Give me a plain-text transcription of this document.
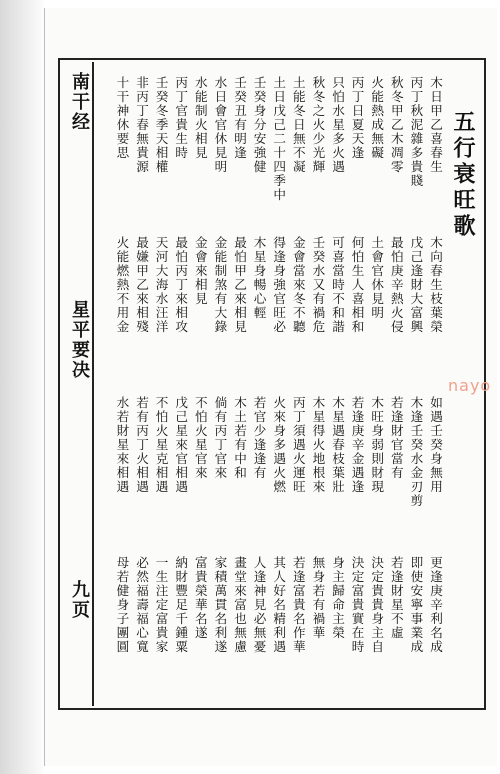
南干经
星平要决
九页
五行衰旺歌
木日甲乙喜春生
木向春生枝葉榮
如遇壬癸身無用
更逢庚辛利名成
丙丁秋泥雜多貴賤
戊己逢財大富興
木逢壬癸水金刃剪
即使安寧事業成
秋冬甲乙木凋零
最怕庚辛熱火侵
若逢財官當有
若逢財星不虛
火能熱成無礙
土會官休見明
木旺身弱則財現
決定貴貴身主自
丙丁日夏天逢
何怕生人喜相和
若逢庚辛金遇逢
決定富貴實在時
只怕水星多火遇
可喜當時不和諧
木星遇春枝葉壯
身主歸命主榮
秋冬之火少光輝
壬癸水又有禍危
木星得火地根來
無身若有禍華
土能冬日無不凝
金會當來冬不聽
丙丁須遇火運旺
若逢富貴名作華
土日戊己二十四季中
得逢身強官旺必
火來身多遇火燃
其人好名精利遇
壬癸身分安強健
木星身暢心輕
若官少逢逢有
人逢神見必無憂
壬癸丑有明逢
最怕甲乙來相見
木土若有中和
畫堂來富也無慮
水日會官休見明
金能制煞有大錄
倘有丙丁官來
家積萬貫名利遂
水能制火相見
金會來相見
不怕火星官來
富貴榮華名遂
丙丁官貴生時
最怕丙丁來相攻
戊己星來官相遇
納財豐足千鍾粟
壬癸冬季天相權
天河大海水汪洋
不怕火星克相遇
一生注定富貴家
非丙丁春無貴源
最嫌甲乙來相殘
若有丙丁火相遇
必然福壽福心寬
十干神休要思
火能燃熱不用金
水若財星來相遇
母若健身子團圓
nayo
